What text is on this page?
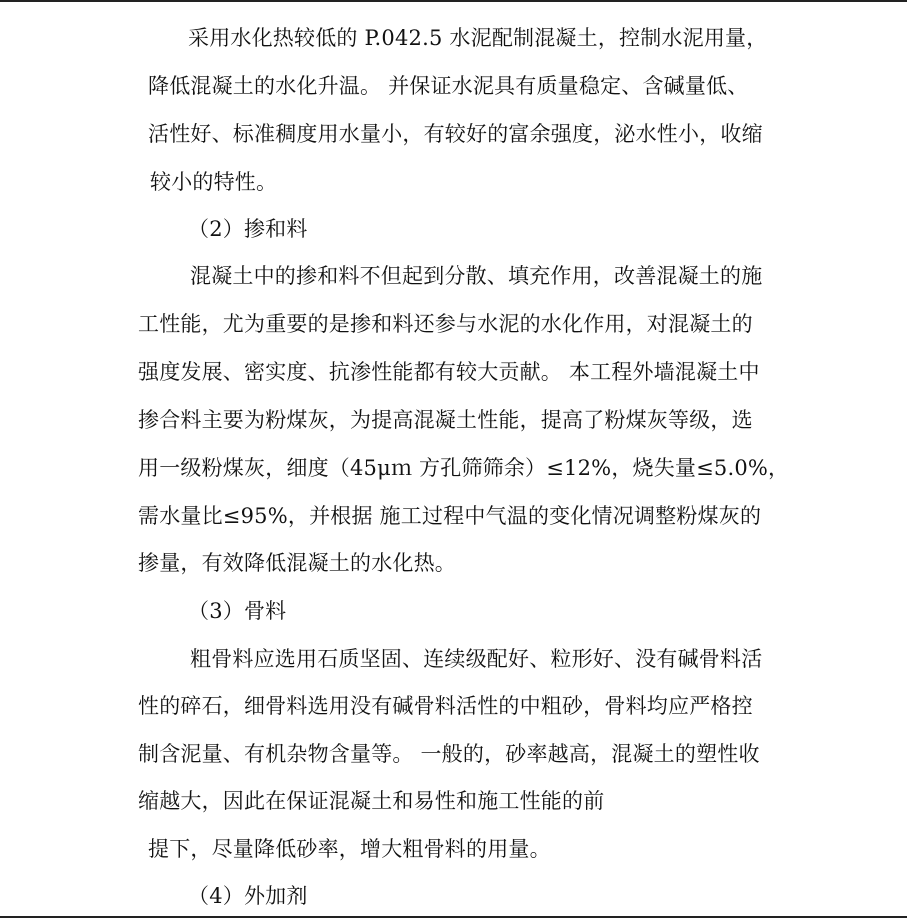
采用水化热较低的 P.042.5 水泥配制混凝土，控制水泥用量，
降低混凝土的水化升温。 并保证水泥具有质量稳定、含碱量低、
活性好、标准稠度用水量小，有较好的富余强度，泌水性小，收缩
较小的特性。
（2）掺和料
混凝土中的掺和料不但起到分散、填充作用，改善混凝土的施
工性能，尤为重要的是掺和料还参与水泥的水化作用，对混凝土的
强度发展、密实度、抗渗性能都有较大贡献。 本工程外墙混凝土中
掺合料主要为粉煤灰，为提高混凝土性能，提高了粉煤灰等级，选
用一级粉煤灰，细度（45μｍ 方孔筛筛余）≤12%，烧失量≤5.0%，
需水量比≤95%，并根据 施工过程中气温的变化情况调整粉煤灰的
掺量，有效降低混凝土的水化热。
（3）骨料
粗骨料应选用石质坚固、连续级配好、粒形好、没有碱骨料活
性的碎石，细骨料选用没有碱骨料活性的中粗砂，骨料均应严格控
制含泥量、有机杂物含量等。 一般的，砂率越高，混凝土的塑性收
缩越大，因此在保证混凝土和易性和施工性能的前
提下，尽量降低砂率，增大粗骨料的用量。
（4）外加剂
